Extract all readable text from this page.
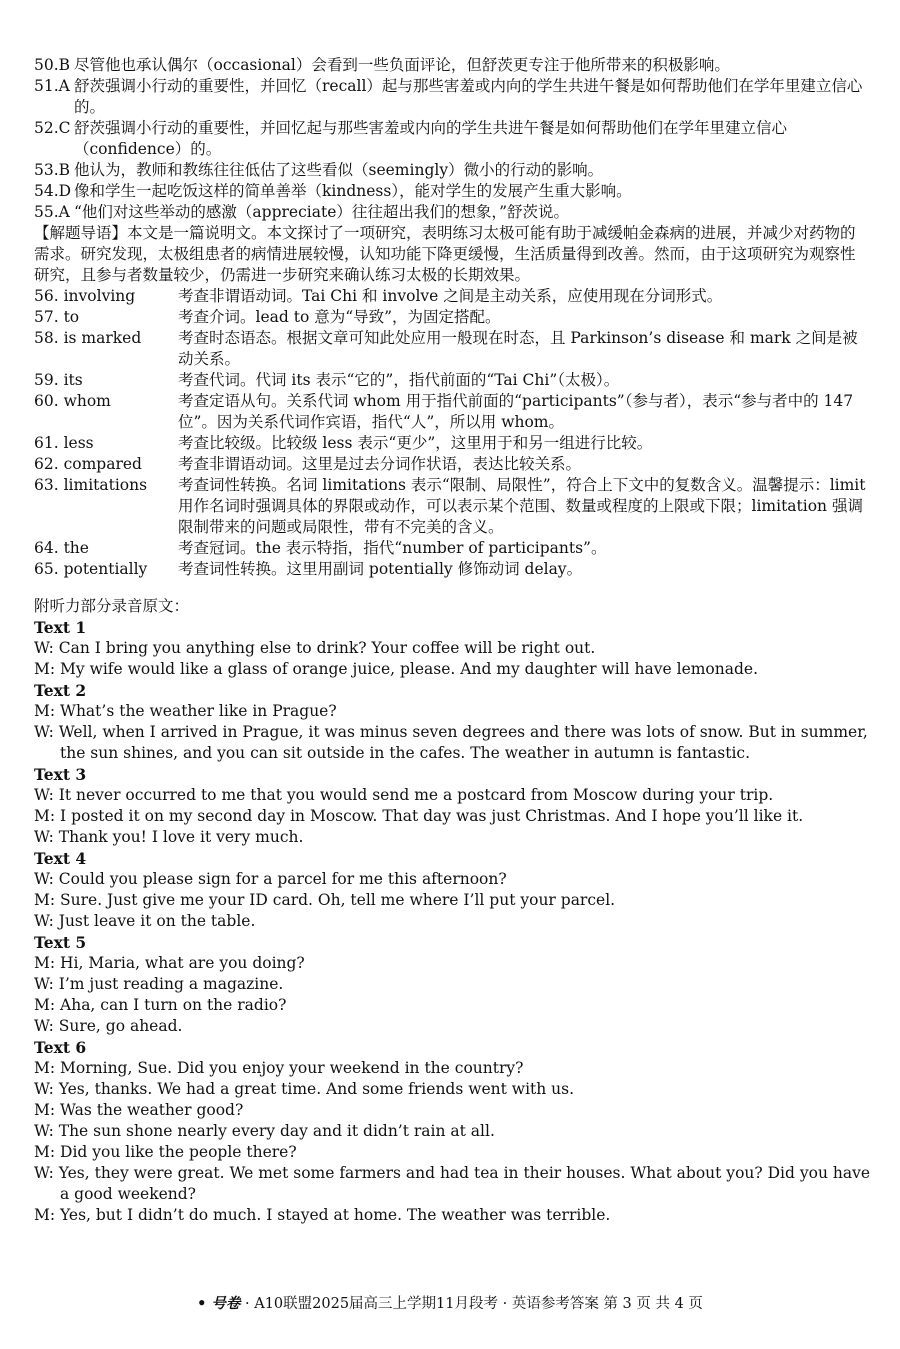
50.B 尽管他也承认偶尔（occasional）会看到一些负面评论，但舒茨更专注于他所带来的积极影响。
51.A 舒茨强调小行动的重要性，并回忆（recall）起与那些害羞或内向的学生共进午餐是如何帮助他们在学年里建立信心的。
52.C 舒茨强调小行动的重要性，并回忆起与那些害羞或内向的学生共进午餐是如何帮助他们在学年里建立信心（confidence）的。
53.B 他认为，教师和教练往往低估了这些看似（seemingly）微小的行动的影响。
54.D 像和学生一起吃饭这样的简单善举（kindness），能对学生的发展产生重大影响。
55.A “他们对这些举动的感激（appreciate）往往超出我们的想象，”舒茨说。
【解题导语】本文是一篇说明文。本文探讨了一项研究，表明练习太极可能有助于减缓帕金森病的进展，并减少对药物的需求。研究发现，太极组患者的病情进展较慢，认知功能下降更缓慢，生活质量得到改善。然而，由于这项研究为观察性研究，且参与者数量较少，仍需进一步研究来确认练习太极的长期效果。
56. involving	考查非谓语动词。Tai Chi 和 involve 之间是主动关系，应使用现在分词形式。
57. to	考查介词。lead to 意为“导致”，为固定搭配。
58. is marked	考查时态语态。根据文章可知此处应用一般现在时态，且 Parkinson’s disease 和 mark 之间是被动关系。
59. its	考查代词。代词 its 表示“它的”，指代前面的“Tai Chi”（太极）。
60. whom	考查定语从句。关系代词 whom 用于指代前面的“participants”（参与者），表示“参与者中的 147 位”。因为关系代词作宾语，指代“人”，所以用 whom。
61. less	考查比较级。比较级 less 表示“更少”，这里用于和另一组进行比较。
62. compared	考查非谓语动词。这里是过去分词作状语，表达比较关系。
63. limitations	考查词性转换。名词 limitations 表示“限制、局限性”，符合上下文中的复数含义。温馨提示：limit 用作名词时强调具体的界限或动作，可以表示某个范围、数量或程度的上限或下限；limitation 强调限制带来的问题或局限性，带有不完美的含义。
64. the	考查冠词。the 表示特指，指代“number of participants”。
65. potentially	考查词性转换。这里用副词 potentially 修饰动词 delay。
附听力部分录音原文：
Text 1
W: Can I bring you anything else to drink? Your coffee will be right out.
M: My wife would like a glass of orange juice, please. And my daughter will have lemonade.
Text 2
M: What’s the weather like in Prague?
W: Well, when I arrived in Prague, it was minus seven degrees and there was lots of snow. But in summer, the sun shines, and you can sit outside in the cafes. The weather in autumn is fantastic.
Text 3
W: It never occurred to me that you would send me a postcard from Moscow during your trip.
M: I posted it on my second day in Moscow. That day was just Christmas. And I hope you’ll like it.
W: Thank you! I love it very much.
Text 4
W: Could you please sign for a parcel for me this afternoon?
M: Sure. Just give me your ID card. Oh, tell me where I’ll put your parcel.
W: Just leave it on the table.
Text 5
M: Hi, Maria, what are you doing?
W: I’m just reading a magazine.
M: Aha, can I turn on the radio?
W: Sure, go ahead.
Text 6
M: Morning, Sue. Did you enjoy your weekend in the country?
W: Yes, thanks. We had a great time. And some friends went with us.
M: Was the weather good?
W: The sun shone nearly every day and it didn’t rain at all.
M: Did you like the people there?
W: Yes, they were great. We met some farmers and had tea in their houses. What about you? Did you have a good weekend?
M: Yes, but I didn’t do much. I stayed at home. The weather was terrible.
• 号卷 · A10联盟2025届高三上学期11月段考 · 英语参考答案 第 3 页 共 4 页
